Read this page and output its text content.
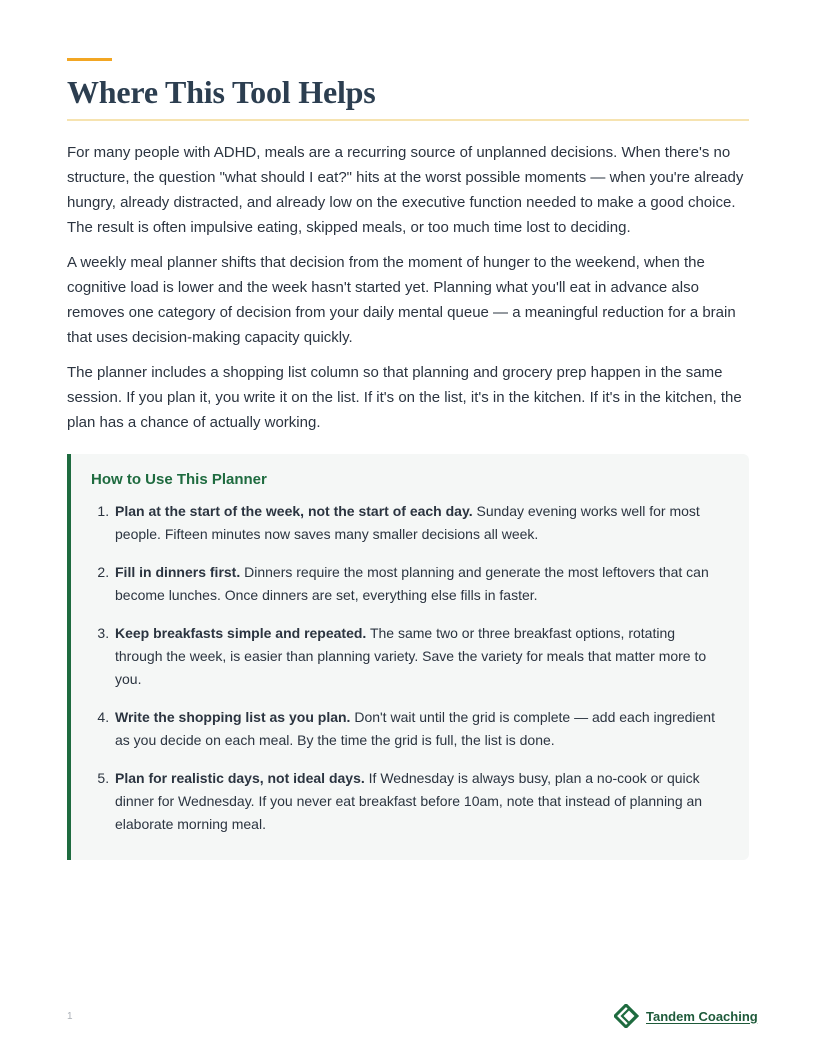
Where This Tool Helps

For many people with ADHD, meals are a recurring source of unplanned decisions. When there's no structure, the question "what should I eat?" hits at the worst possible moments — when you're already hungry, already distracted, and already low on the executive function needed to make a good choice. The result is often impulsive eating, skipped meals, or too much time lost to deciding.

A weekly meal planner shifts that decision from the moment of hunger to the weekend, when the cognitive load is lower and the week hasn't started yet. Planning what you'll eat in advance also removes one category of decision from your daily mental queue — a meaningful reduction for a brain that uses decision-making capacity quickly.

The planner includes a shopping list column so that planning and grocery prep happen in the same session. If you plan it, you write it on the list. If it's on the list, it's in the kitchen. If it's in the kitchen, the plan has a chance of actually working.

How to Use This Planner
1. Plan at the start of the week, not the start of each day. Sunday evening works well for most people. Fifteen minutes now saves many smaller decisions all week.
2. Fill in dinners first. Dinners require the most planning and generate the most leftovers that can become lunches. Once dinners are set, everything else fills in faster.
3. Keep breakfasts simple and repeated. The same two or three breakfast options, rotating through the week, is easier than planning variety. Save the variety for meals that matter more to you.
4. Write the shopping list as you plan. Don't wait until the grid is complete — add each ingredient as you decide on each meal. By the time the grid is full, the list is done.
5. Plan for realistic days, not ideal days. If Wednesday is always busy, plan a no-cook or quick dinner for Wednesday. If you never eat breakfast before 10am, note that instead of planning an elaborate morning meal.
1	Tandem Coaching
